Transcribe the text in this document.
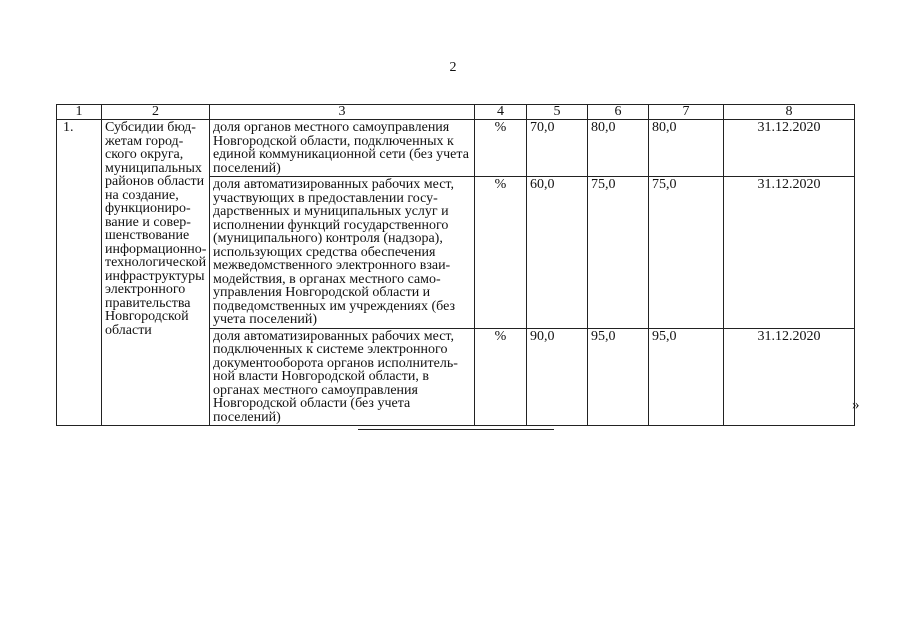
2
1	2	3	4	5	6	7	8
1.	Субсидии бюд-жетам город-ского округа, муниципальных районов области на создание, функциониро-вание и совер-шенствование информационно-технологической инфраструктуры электронного правительства Новгородской области	доля органов местного самоуправления Новгородской области, подключенных к единой коммуникационной сети (без учета поселений)	%	70,0	80,0	80,0	31.12.2020
		доля автоматизированных рабочих мест, участвующих в предоставлении госу-дарственных и муниципальных услуг и исполнении функций государственного (муниципального) контроля (надзора), использующих средства обеспечения межведомственного электронного взаи-модействия, в органах местного само-управления Новгородской области и подведомственных им учреждениях (без учета поселений)	%	60,0	75,0	75,0	31.12.2020
		доля автоматизированных рабочих мест, подключенных к системе электронного документооборота органов исполнитель-ной власти Новгородской области, в органах местного самоуправления Новгородской области (без учета поселений)	%	90,0	95,0	95,0	31.12.2020
»
